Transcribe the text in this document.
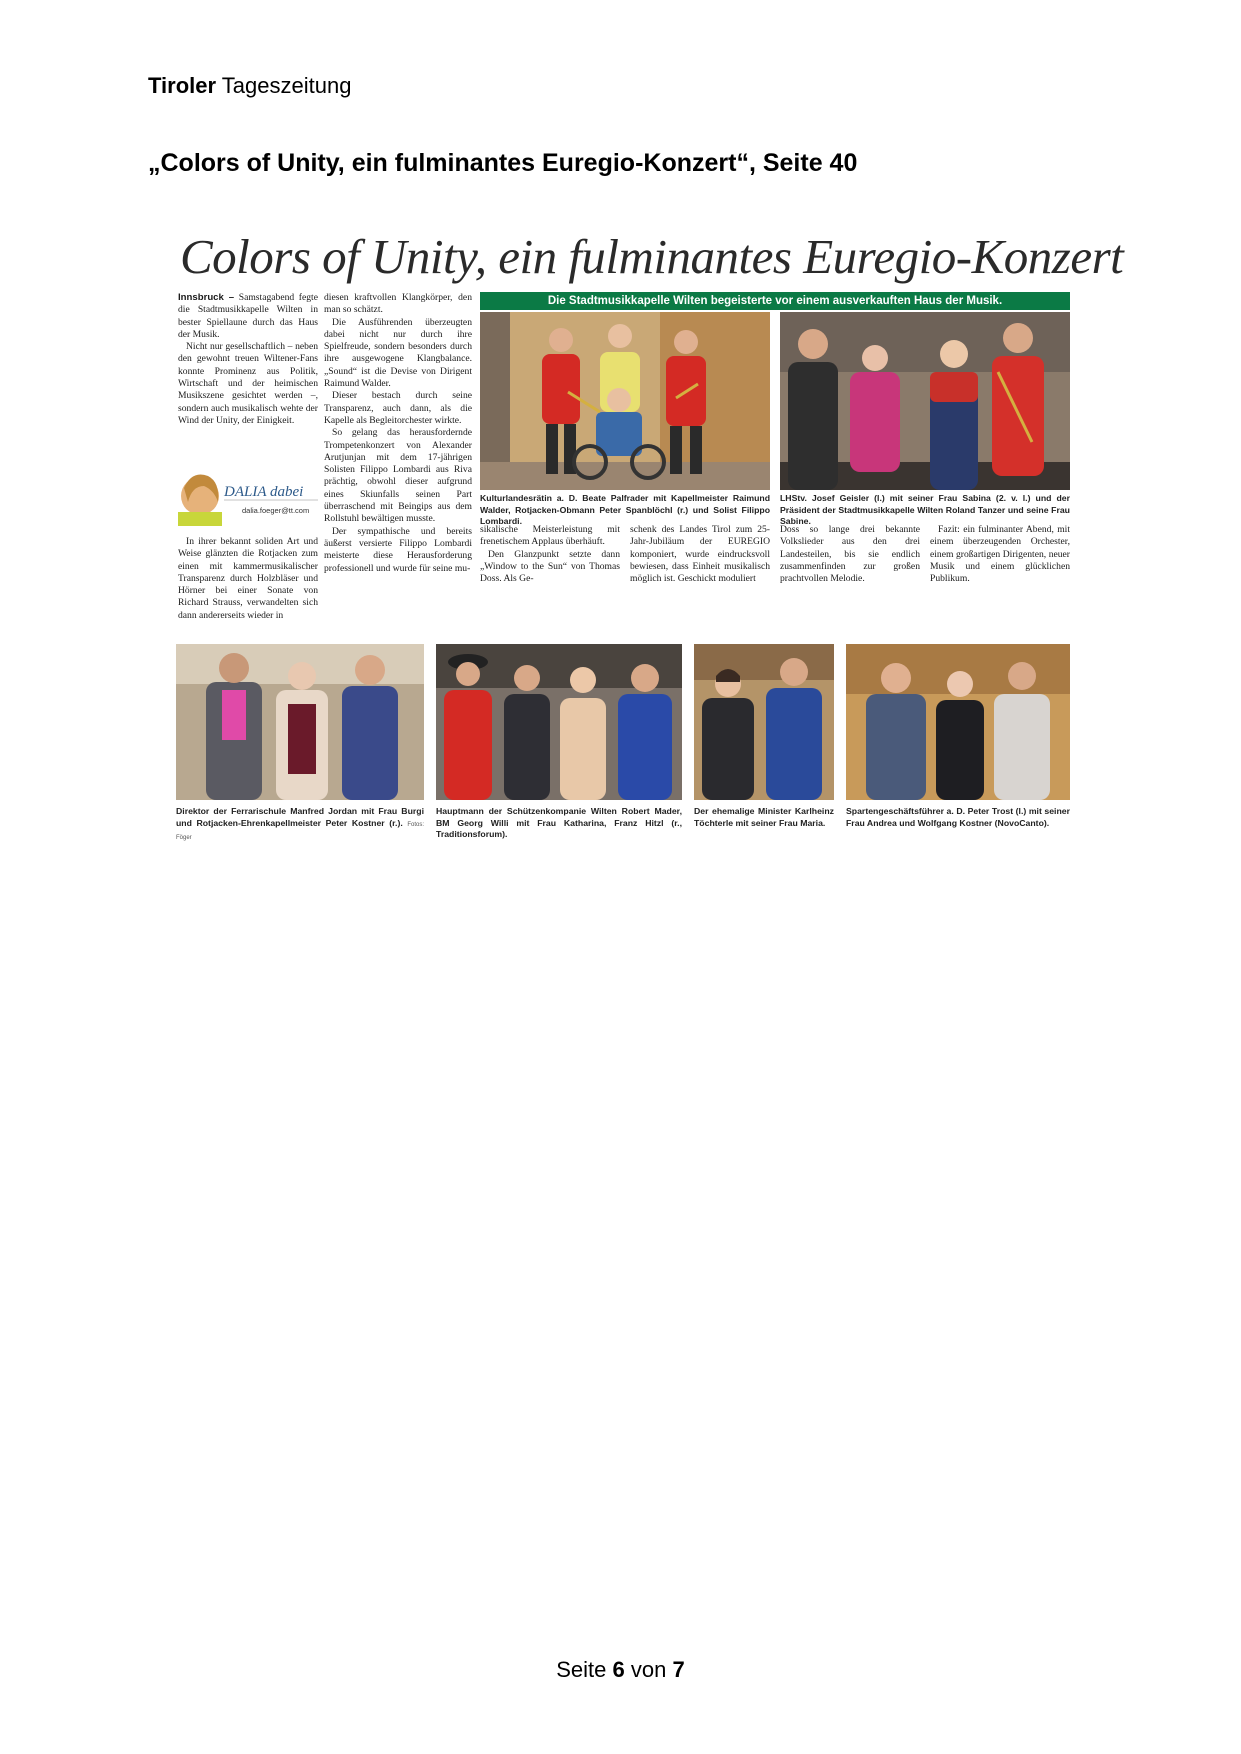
Tiroler Tageszeitung
„Colors of Unity, ein fulminantes Euregio-Konzert“, Seite 40
Colors of Unity, ein fulminantes Euregio-Konzert

Innsbruck – Samstagabend fegte die Stadtmusikkapelle Wilten in bester Spiellaune durch das Haus der Musik.

Nicht nur gesellschaftlich – neben den gewohnt treuen Wiltener-Fans konnte Prominenz aus Politik, Wirtschaft und der heimischen Musikszene gesichtet werden –, sondern auch musikalisch wehte der Wind der Unity, der Einigkeit.

DALIA dabei
dalia.foeger@tt.com

In ihrer bekannt soliden Art und Weise glänzten die Rotjacken zum einen mit kammermusikalischer Transparenz durch Holzbläser und Hörner bei einer Sonate von Richard Strauss, verwandelten sich dann andererseits wieder in

diesen kraftvollen Klangkörper, den man so schätzt.

Die Ausführenden überzeugten dabei nicht nur durch ihre Spielfreude, sondern besonders durch ihre ausgewogene Klangbalance. „Sound“ ist die Devise von Dirigent Raimund Walder.

Dieser bestach durch seine Transparenz, auch dann, als die Kapelle als Begleitorchester wirkte.

So gelang das herausfordernde Trompetenkonzert von Alexander Arutjunjan mit dem 17-jährigen Solisten Filippo Lombardi aus Riva prächtig, obwohl dieser aufgrund eines Skiunfalls seinen Part überraschend mit Beingips aus dem Rollstuhl bewältigen musste.

Der sympathische und bereits äußerst versierte Filippo Lombardi meisterte diese Herausforderung professionell und wurde für seine mu-

Die Stadtmusikkapelle Wilten begeisterte vor einem ausverkauften Haus der Musik.
Kulturlandesrätin a. D. Beate Palfrader mit Kapellmeister Raimund Walder, Rotjacken-Obmann Peter Spanblöchl (r.) und Solist Filippo Lombardi.
LHStv. Josef Geisler (l.) mit seiner Frau Sabina (2. v. l.) und der Präsident der Stadtmusikkapelle Wilten Roland Tanzer und seine Frau Sabine.

sikalische Meisterleistung mit frenetischem Applaus überhäuft.

Den Glanzpunkt setzte dann „Window to the Sun“ von Thomas Doss. Als Ge-

schenk des Landes Tirol zum 25-Jahr-Jubiläum der EUREGIO komponiert, wurde eindrucksvoll bewiesen, dass Einheit musikalisch möglich ist. Geschickt moduliert

Doss so lange drei bekannte Volkslieder aus den drei Landesteilen, bis sie endlich zusammenfinden zur großen prachtvollen Melodie.

Fazit: ein fulminanter Abend, mit einem überzeugenden Orchester, einem großartigen Dirigenten, neuer Musik und einem glücklichen Publikum.

Direktor der Ferrarischule Manfred Jordan mit Frau Burgi und Rotjacken-Ehrenkapellmeister Peter Kostner (r.). Fotos: Föger
Hauptmann der Schützenkompanie Wilten Robert Mader, BM Georg Willi mit Frau Katharina, Franz Hitzl (r., Traditionsforum).
Der ehemalige Minister Karlheinz Töchterle mit seiner Frau Maria.
Spartengeschäftsführer a. D. Peter Trost (l.) mit seiner Frau Andrea und Wolfgang Kostner (NovoCanto).
Seite 6 von 7
